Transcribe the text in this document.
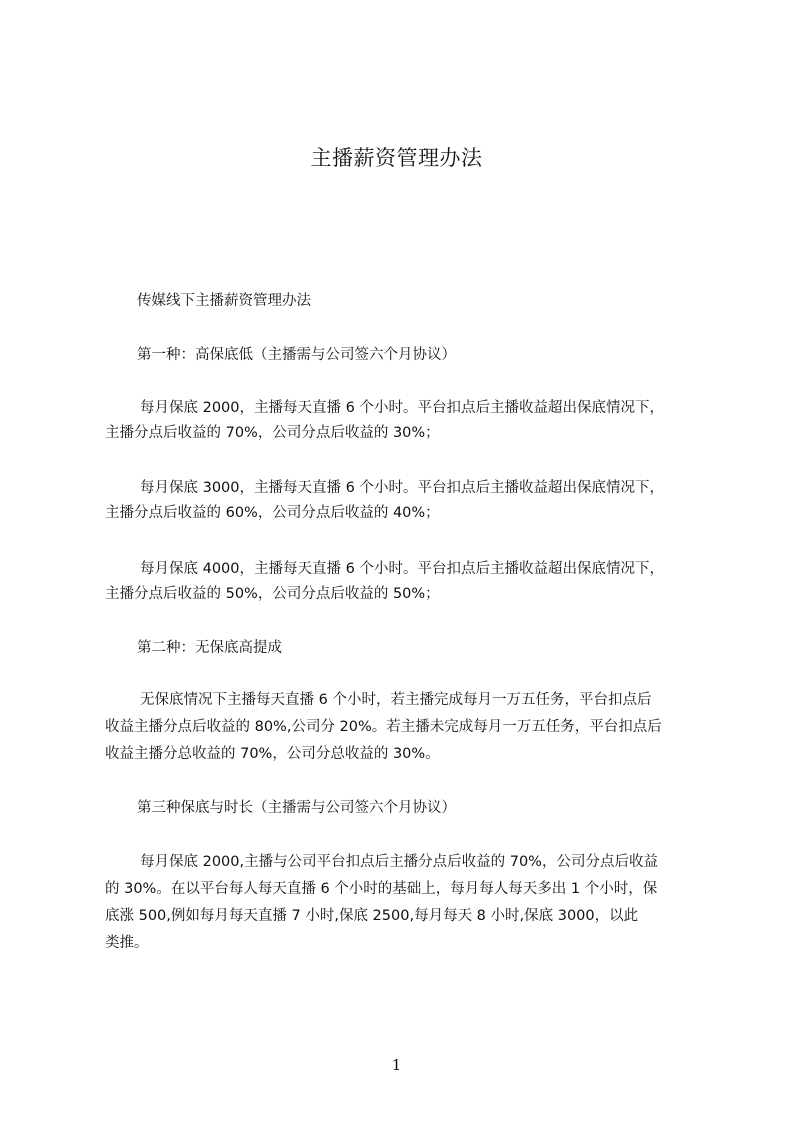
主播薪资管理办法
传媒线下主播薪资管理办法
第一种：高保底低（主播需与公司签六个月协议）
每月保底 2000，主播每天直播 6 个小时。平台扣点后主播收益超出保底情况下，
主播分点后收益的 70%，公司分点后收益的 30%；
每月保底 3000，主播每天直播 6 个小时。平台扣点后主播收益超出保底情况下，
主播分点后收益的 60%，公司分点后收益的 40%；
每月保底 4000，主播每天直播 6 个小时。平台扣点后主播收益超出保底情况下，
主播分点后收益的 50%，公司分点后收益的 50%；
第二种：无保底高提成
无保底情况下主播每天直播 6 个小时，若主播完成每月一万五任务，平台扣点后
收益主播分点后收益的 80%,公司分 20%。若主播未完成每月一万五任务，平台扣点后
收益主播分总收益的 70%，公司分总收益的 30%。
第三种保底与时长（主播需与公司签六个月协议）
每月保底 2000,主播与公司平台扣点后主播分点后收益的 70%，公司分点后收益
的 30%。在以平台每人每天直播 6 个小时的基础上，每月每人每天多出 1 个小时，保
底涨 500,例如每月每天直播 7 小时,保底 2500,每月每天 8 小时,保底 3000，以此
类推。
1
